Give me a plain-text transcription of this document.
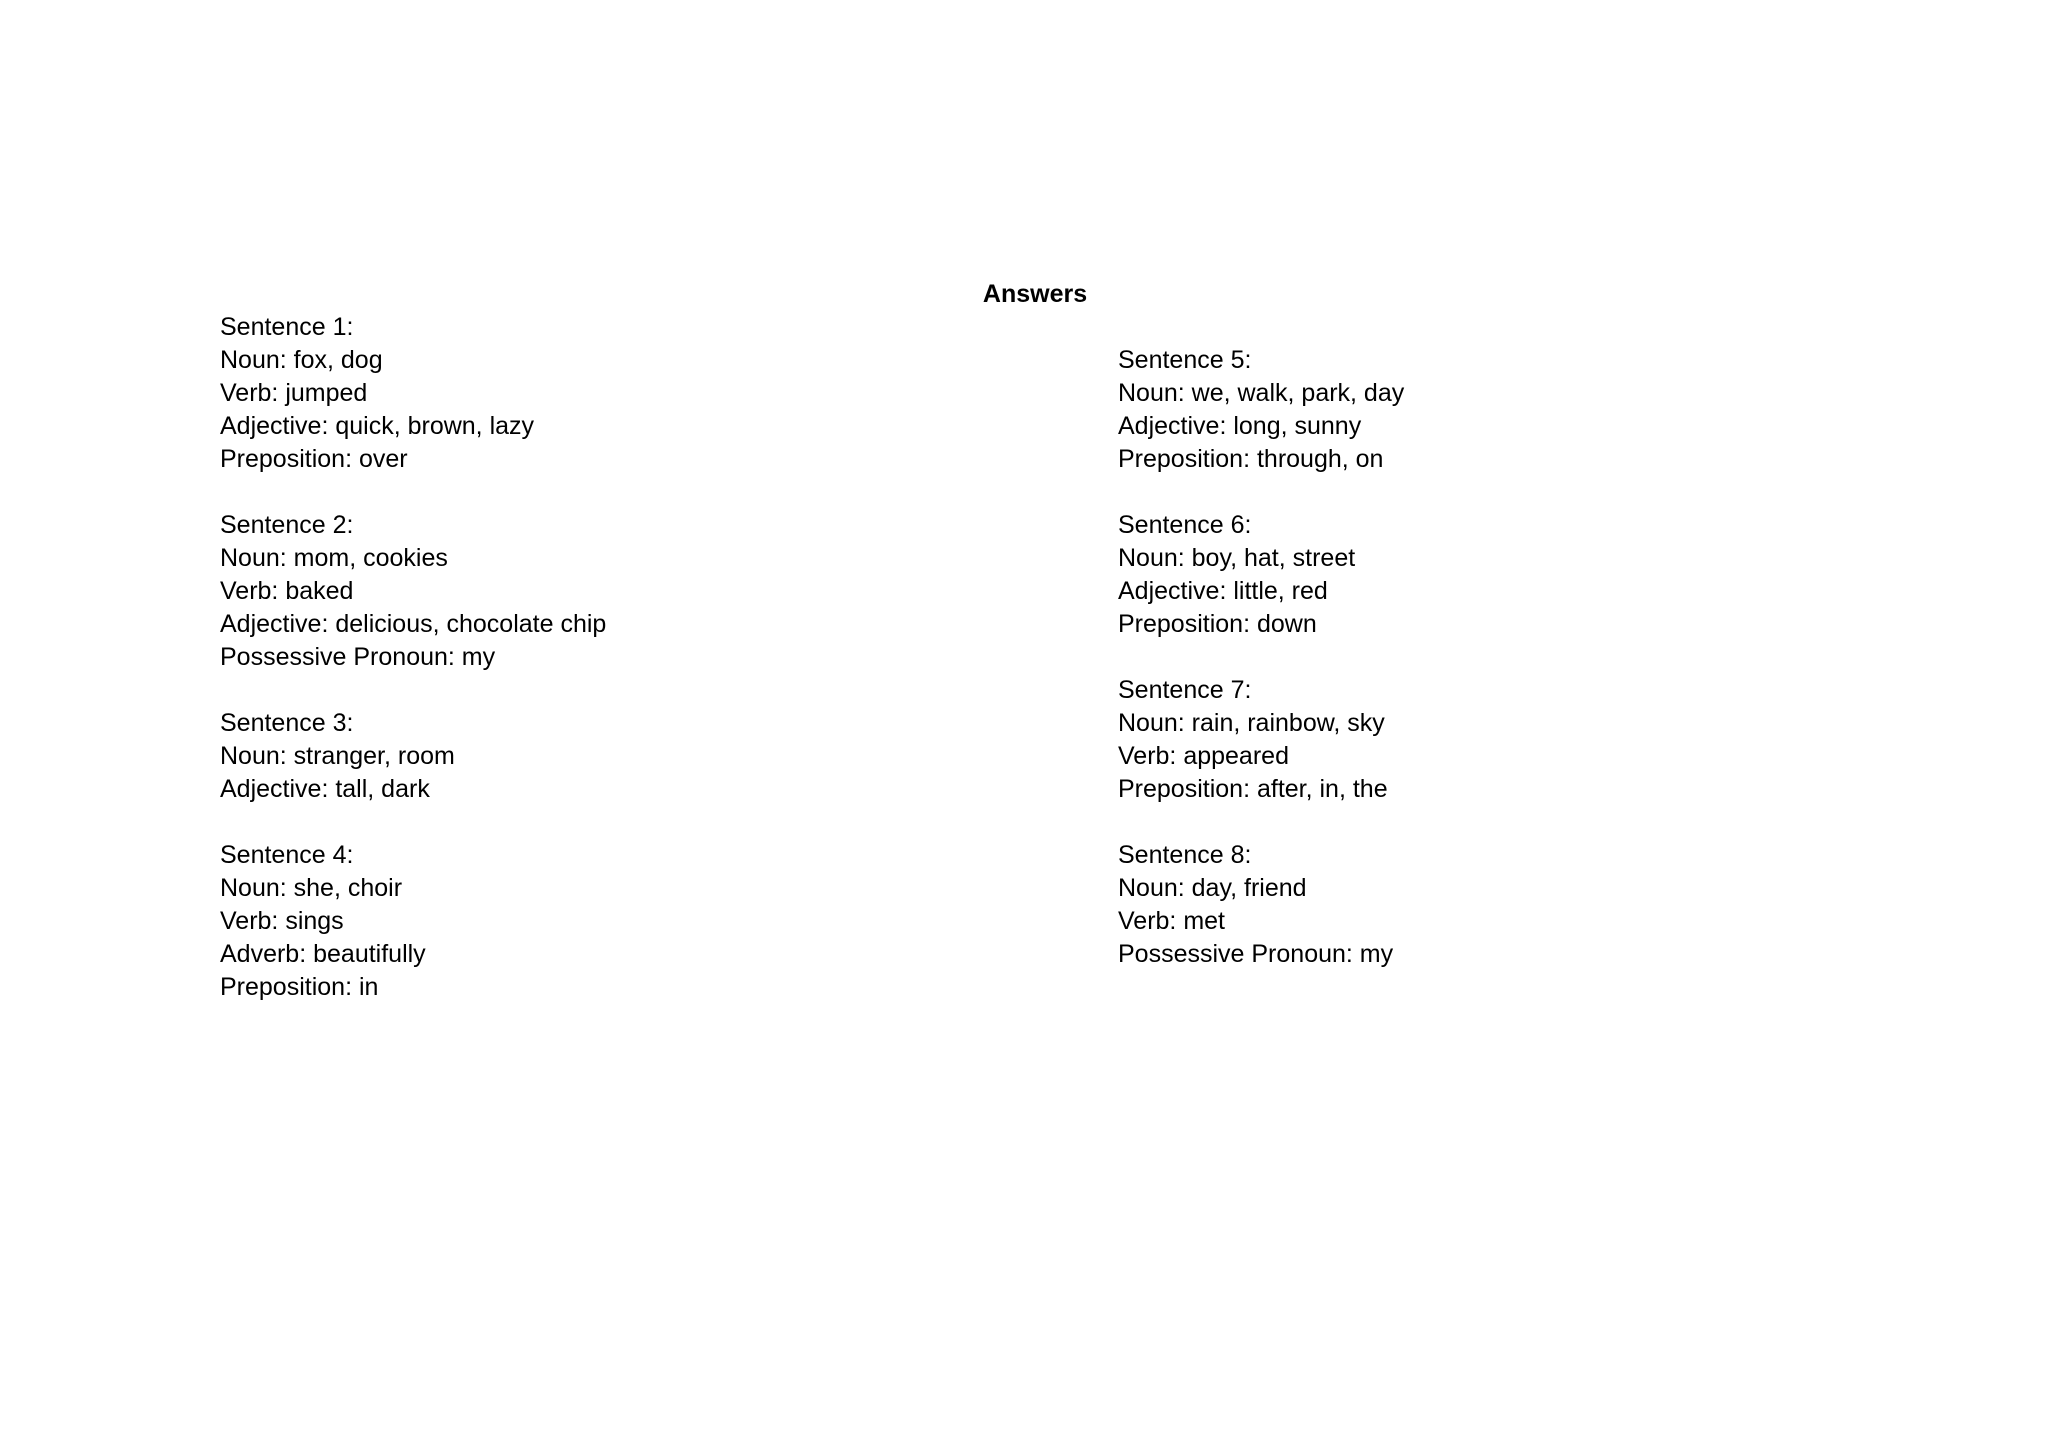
Answers
Sentence 1:
Noun: fox, dog
Verb: jumped
Adjective: quick, brown, lazy
Preposition: over
Sentence 2:
Noun: mom, cookies
Verb: baked
Adjective: delicious, chocolate chip
Possessive Pronoun: my
Sentence 3:
Noun: stranger, room
Adjective: tall, dark
Sentence 4:
Noun: she, choir
Verb: sings
Adverb: beautifully
Preposition: in
Sentence 5:
Noun: we, walk, park, day
Adjective: long, sunny
Preposition: through, on
Sentence 6:
Noun: boy, hat, street
Adjective: little, red
Preposition: down
Sentence 7:
Noun: rain, rainbow, sky
Verb: appeared
Preposition: after, in, the
Sentence 8:
Noun: day, friend
Verb: met
Possessive Pronoun: my
